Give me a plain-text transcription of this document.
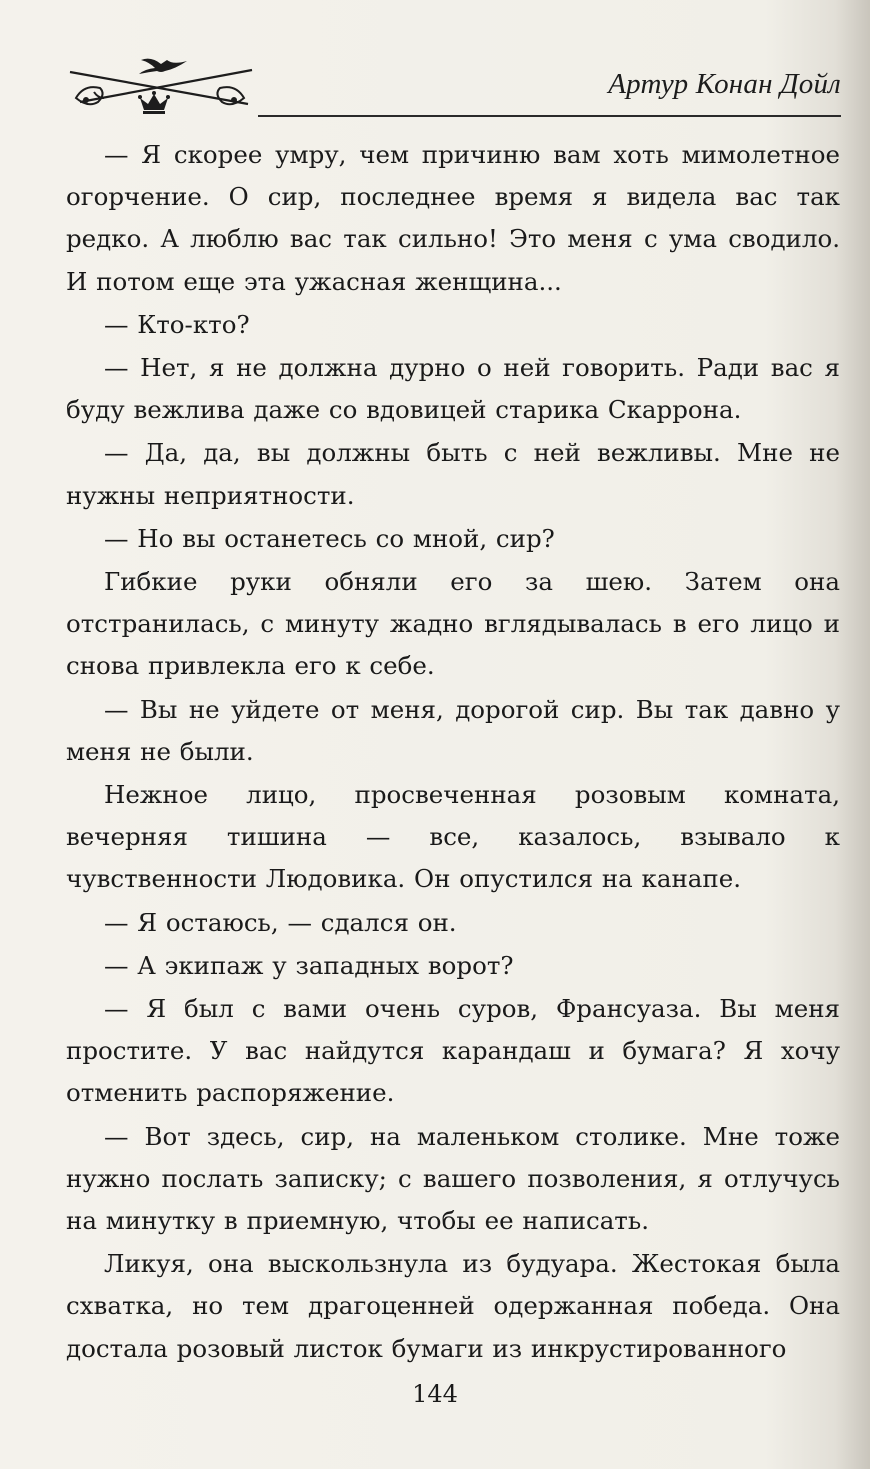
Артур Конан Дойл

— Я скорее умру, чем причиню вам хоть мимолетное огорчение. О сир, последнее время я видела вас так редко. А люблю вас так сильно! Это меня с ума сводило. И потом еще эта ужасная женщина...

— Кто-кто?

— Нет, я не должна дурно о ней говорить. Ради вас я буду вежлива даже со вдовицей старика Скаррона.

— Да, да, вы должны быть с ней вежливы. Мне не нужны неприятности.

— Но вы останетесь со мной, сир?

Гибкие руки обняли его за шею. Затем она отстранилась, с минуту жадно вглядывалась в его лицо и снова привлекла его к себе.

— Вы не уйдете от меня, дорогой сир. Вы так давно у меня не были.

Нежное лицо, просвеченная розовым комната, вечерняя тишина — все, казалось, взывало к чувственности Людовика. Он опустился на канапе.

— Я остаюсь, — сдался он.

— А экипаж у западных ворот?

— Я был с вами очень суров, Франсуаза. Вы меня простите. У вас найдутся карандаш и бумага? Я хочу отменить распоряжение.

— Вот здесь, сир, на маленьком столике. Мне тоже нужно послать записку; с вашего позволения, я отлучусь на минутку в приемную, чтобы ее написать.

Ликуя, она выскользнула из будуара. Жестокая была схватка, но тем драгоценней одержанная победа. Она достала розовый листок бумаги из инкрустированного

144
